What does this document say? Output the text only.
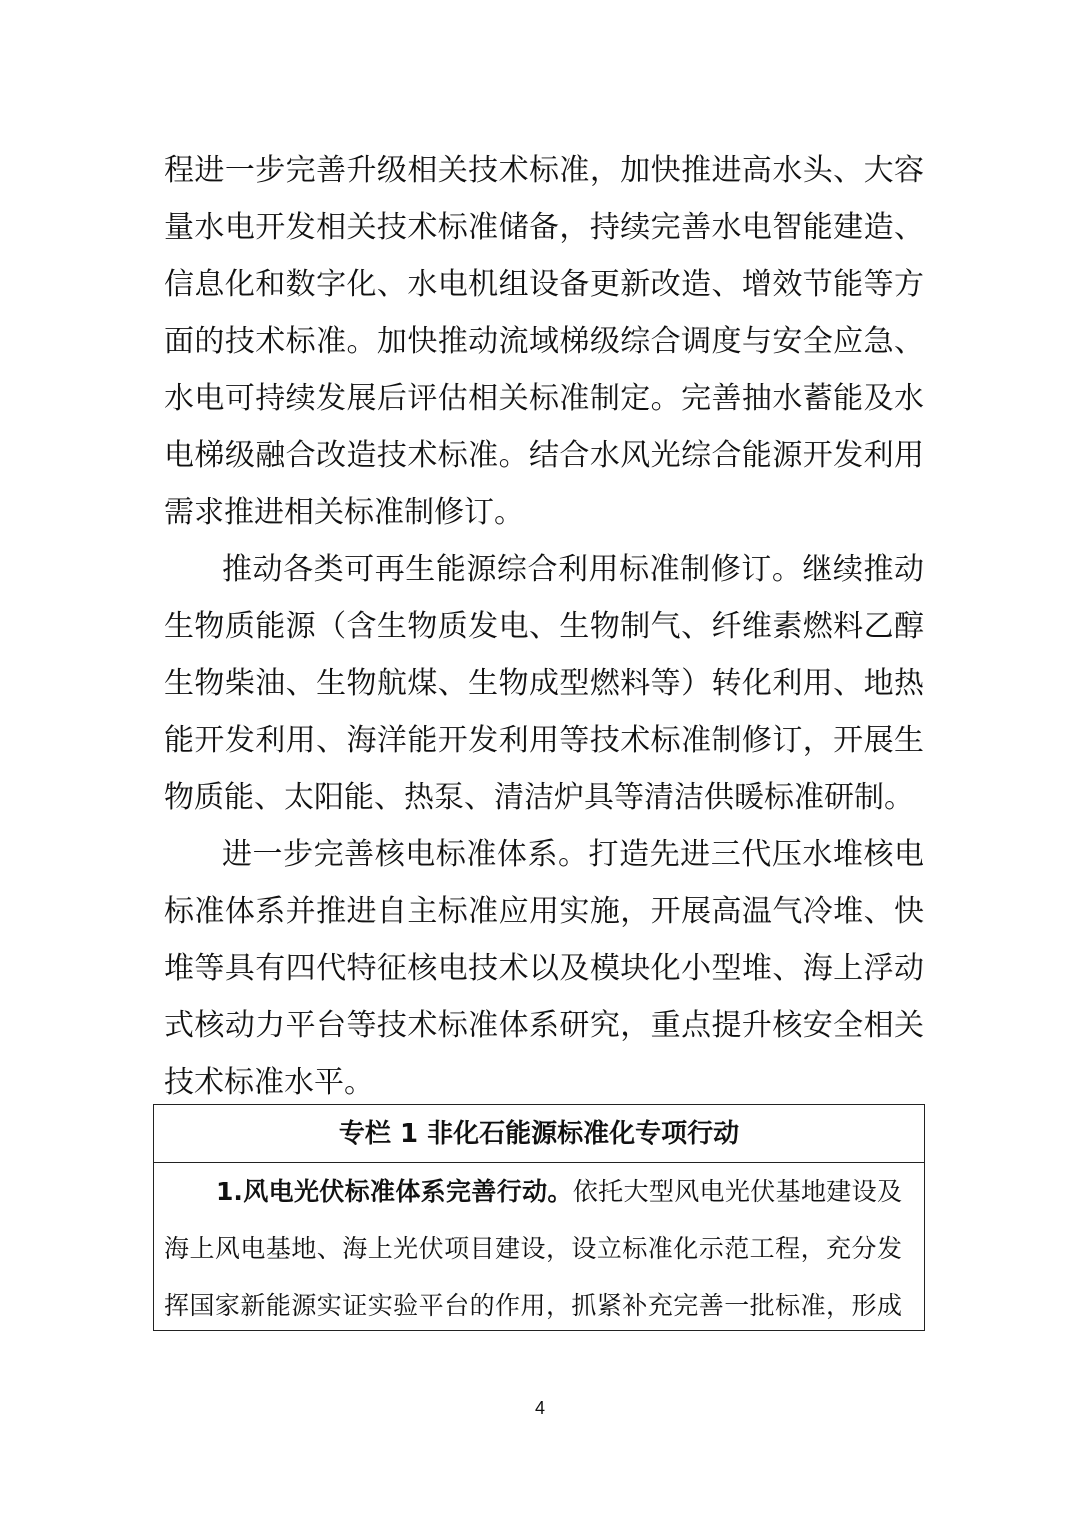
程进一步完善升级相关技术标准，加快推进高水头、大容
量水电开发相关技术标准储备，持续完善水电智能建造、
信息化和数字化、水电机组设备更新改造、增效节能等方
面的技术标准。加快推动流域梯级综合调度与安全应急、
水电可持续发展后评估相关标准制定。完善抽水蓄能及水
电梯级融合改造技术标准。结合水风光综合能源开发利用
需求推进相关标准制修订。
推动各类可再生能源综合利用标准制修订。继续推动
生物质能源（含生物质发电、生物制气、纤维素燃料乙醇
生物柴油、生物航煤、生物成型燃料等）转化利用、地热
能开发利用、海洋能开发利用等技术标准制修订，开展生
物质能、太阳能、热泵、清洁炉具等清洁供暖标准研制。
进一步完善核电标准体系。打造先进三代压水堆核电
标准体系并推进自主标准应用实施，开展高温气冷堆、快
堆等具有四代特征核电技术以及模块化小型堆、海上浮动
式核动力平台等技术标准体系研究，重点提升核安全相关
技术标准水平。
专栏 1 非化石能源标准化专项行动
1.风电光伏标准体系完善行动。依托大型风电光伏基地建设及
海上风电基地、海上光伏项目建设，设立标准化示范工程，充分发
挥国家新能源实证实验平台的作用，抓紧补充完善一批标准，形成
4
